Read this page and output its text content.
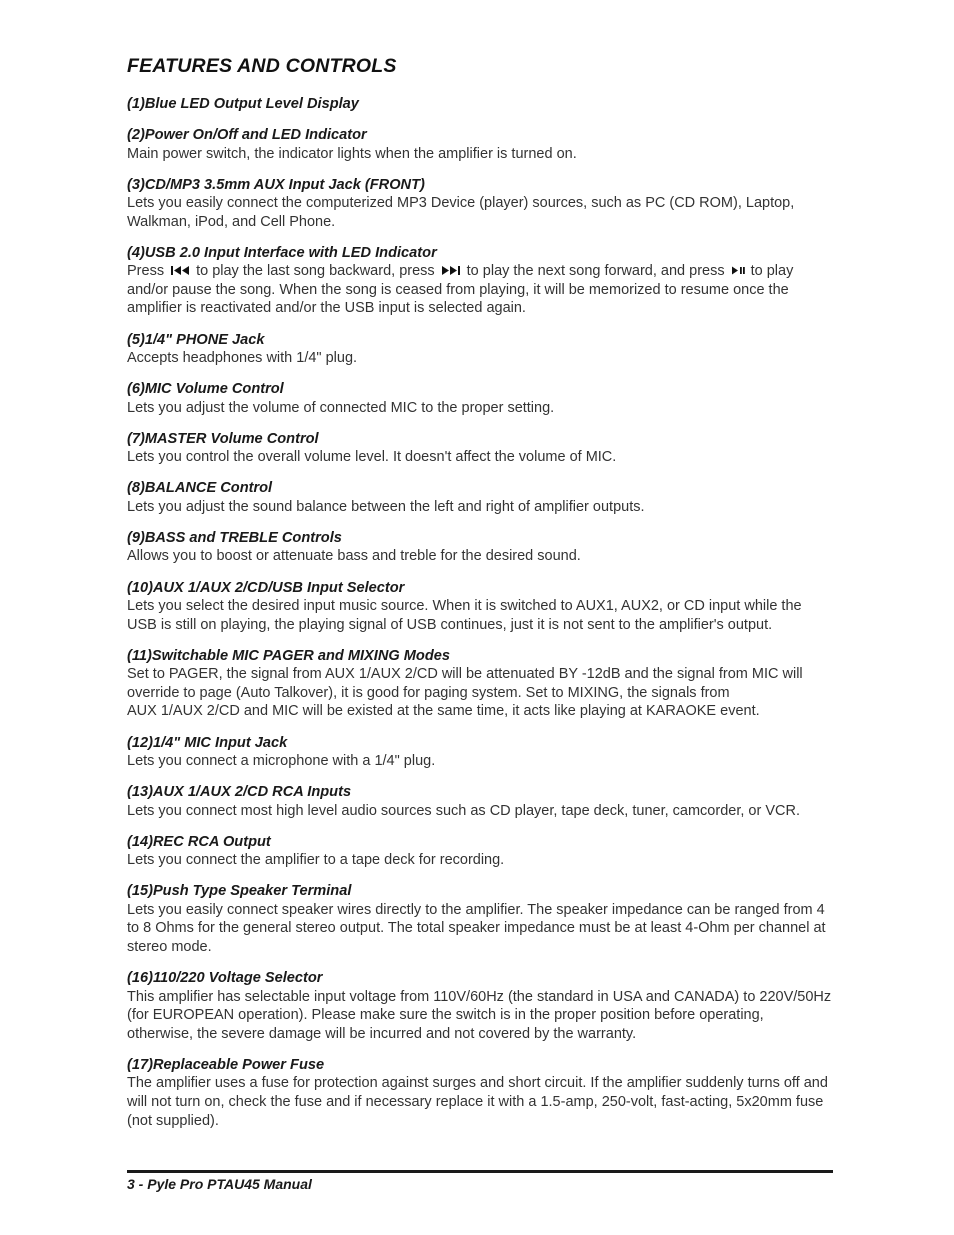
FEATURES AND CONTROLS
(1)Blue LED Output Level Display
(2)Power On/Off and LED Indicator
Main power switch, the indicator lights when the amplifier is turned on.
(3)CD/MP3 3.5mm AUX Input Jack (FRONT)
Lets you easily connect the computerized MP3 Device (player) sources, such as PC (CD ROM), Laptop, Walkman, iPod, and Cell Phone.
(4)USB 2.0 Input Interface with LED Indicator
Press to play the last song backward, press to play the next song forward, and press to play and/or pause the song. When the song is ceased from playing, it will be memorized to resume once the amplifier is reactivated and/or the USB input is selected again.
(5)1/4" PHONE Jack
Accepts headphones with 1/4" plug.
(6)MIC Volume Control
Lets you adjust the volume of connected MIC to the proper setting.
(7)MASTER Volume Control
Lets you control the overall volume level. It doesn't affect the volume of MIC.
(8)BALANCE Control
Lets you adjust the sound balance between the left and right of amplifier outputs.
(9)BASS and TREBLE Controls
Allows you to boost or attenuate bass and treble for the desired sound.
(10)AUX 1/AUX 2/CD/USB Input Selector
Lets you select the desired input music source. When it is switched to AUX1, AUX2, or CD input while the USB is still on playing, the playing signal of USB continues, just it is not sent to the amplifier's output.
(11)Switchable MIC PAGER and MIXING Modes
Set to PAGER, the signal from AUX 1/AUX 2/CD will be attenuated BY -12dB and the signal from MIC will override to page (Auto Talkover), it is good for paging system. Set to MIXING, the signals from
AUX 1/AUX 2/CD and MIC will be existed at the same time, it acts like playing at KARAOKE event.
(12)1/4" MIC Input Jack
Lets you connect a microphone with a 1/4" plug.
(13)AUX 1/AUX 2/CD RCA Inputs
Lets you connect most high level audio sources such as CD player, tape deck, tuner, camcorder, or VCR.
(14)REC RCA Output
Lets you connect the amplifier to a tape deck for recording.
(15)Push Type Speaker Terminal
Lets you easily connect speaker wires directly to the amplifier. The speaker impedance can be ranged from 4 to 8 Ohms for the general stereo output. The total speaker impedance must be at least 4-Ohm per channel at stereo mode.
(16)110/220 Voltage Selector
This amplifier has selectable input voltage from 110V/60Hz (the standard in USA and CANADA) to 220V/50Hz (for EUROPEAN operation). Please make sure the switch is in the proper position before operating, otherwise, the severe damage will be incurred and not covered by the warranty.
(17)Replaceable Power Fuse
The amplifier uses a fuse for protection against surges and short circuit. If the amplifier suddenly turns off and will not turn on, check the fuse and if necessary replace it with a 1.5-amp, 250-volt, fast-acting, 5x20mm fuse (not supplied).
3 - Pyle Pro PTAU45 Manual
